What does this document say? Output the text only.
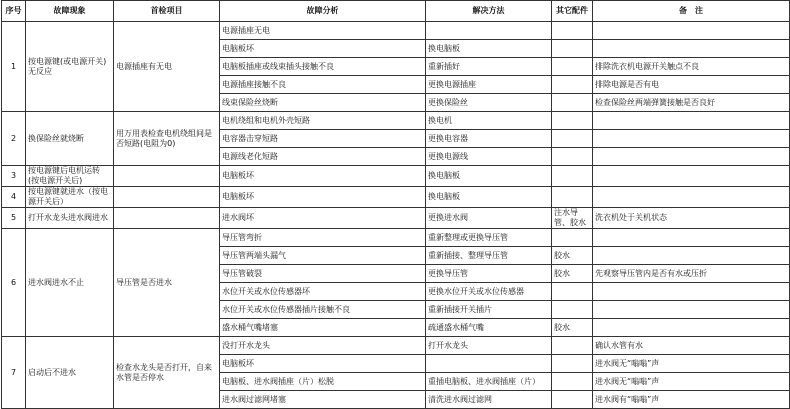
序号	故障现象	首检项目	故障分析	解决方法	其它配件	备　注
1	按电源键(或电源开关)无反应	电源插座有无电	电源插座无电			
			电脑板坏	换电脑板		
			电脑板插座或线束插头接触不良	重新插好		排除洗衣机电源开关触点不良
			电源插座接触不良	更换电源插座		排除电源是否有电
			线束保险丝烧断	更换保险丝		检查保险丝两端弹簧接触是否良好
2	换保险丝就烧断	用万用表检查电机绕组间是否短路(电阻为0)	电机绕组和电机外壳短路	换电机		
			电容器击穿短路	更换电容器		
			电源线老化短路	更换电源线		
3	按电源键后电机运转(按电源开关后)		电脑板坏	换电脑板		
4	按电源键就进水（按电源开关后）		电脑板坏	换电脑板		
5	打开水龙头进水阀进水		进水阀坏	更换进水阀	注水导管、胶水	洗衣机处于关机状态
6	进水阀进水不止	导压管是否进水	导压管弯折	重新整理或更换导压管		
			导压管两端头漏气	重新插接、整理导压管	胶水	
			导压管破裂	更换导压管	胶水	先观察导压管内是否有水或压折
			水位开关或水位传感器坏	更换水位开关或水位传感器		
			水位开关或水位传感器插片接触不良	重新插接开关插片		
			盛水桶气嘴堵塞	疏通盛水桶气嘴	胶水	
7	启动后不进水	检查水龙头是否打开，自来水管是否停水	没打开水龙头	打开水龙头		确认水管有水
			电脑板坏			进水阀无“嗡嗡”声
			电脑板、进水阀插座（片）松脱	重插电脑板、进水阀插座（片）		进水阀无“嗡嗡”声
			进水阀过滤网堵塞	清洗进水阀过滤网		进水阀有“嗡嗡”声
